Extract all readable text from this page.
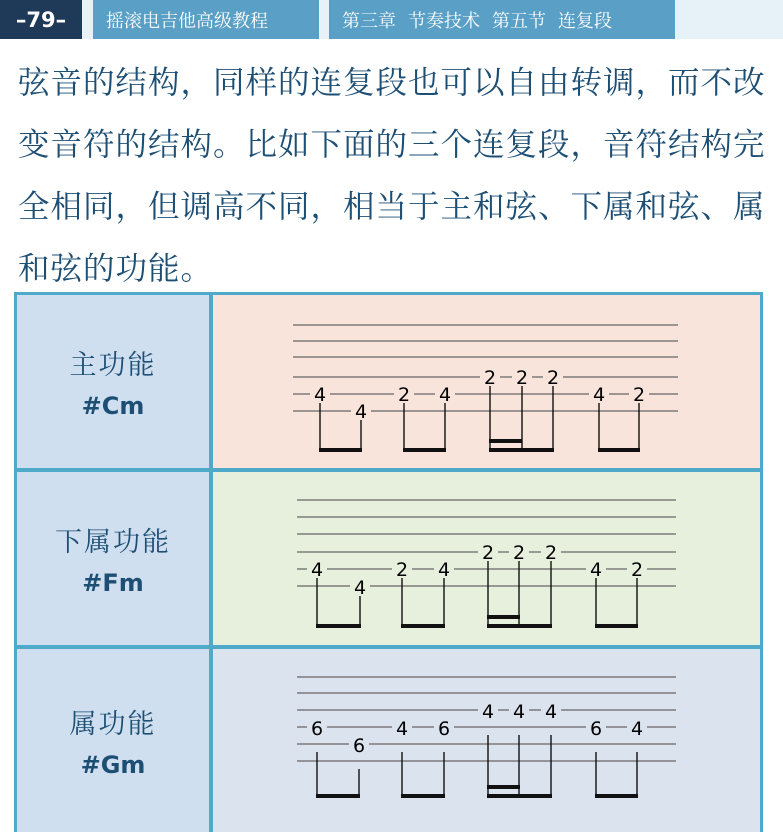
–79–	摇滚电吉他高级教程	第三章 节奏技术 第五节 连复段
弦音的结构，同样的连复段也可以自由转调，而不改
变音符的结构。比如下面的三个连复段，音符结构完
全相同，但调高不同，相当于主和弦、下属和弦、属
和弦的功能。
主功能
#Cm
2 2 2
4	2 4	4 2
4
下属功能
#Fm
2 2 2
4	2 4	4 2
4
属功能
#Gm
4 4 4
6	4 6	6 4
6
